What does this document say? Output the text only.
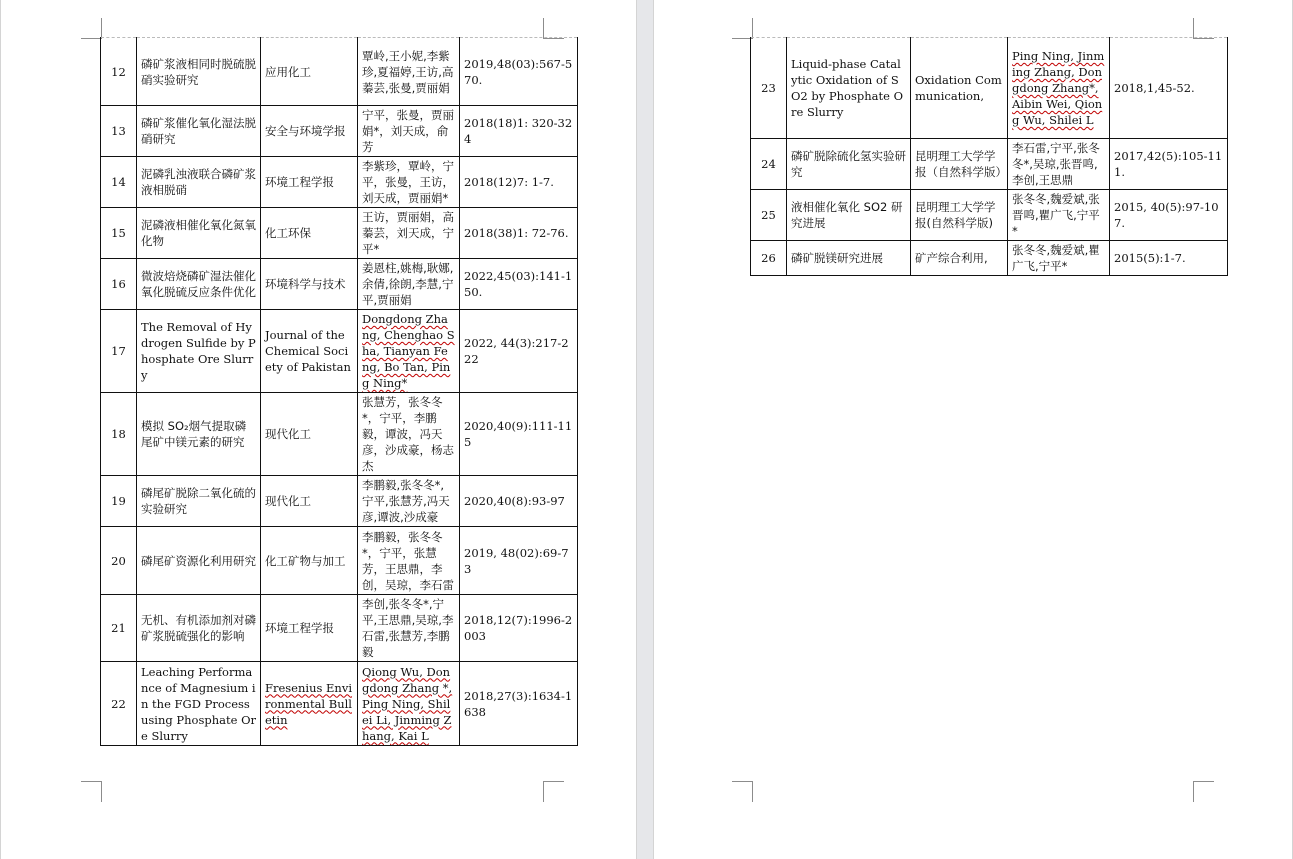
12	磷矿浆液相同时脱硫脱硝实验研究	应用化工	覃岭,王小妮,李紫珍,夏福婷,王访,高蓁芸,张曼,贾丽娟	2019,48(03):567-570.
13	磷矿浆催化氧化湿法脱硝研究	安全与环境学报	宁平，张曼，贾丽娟*，刘天成，俞芳	2018(18)1: 320-324
14	泥磷乳浊液联合磷矿浆液相脱硝	环境工程学报	李紫珍，覃岭，宁平，张曼，王访，刘天成，贾丽娟*	2018(12)7: 1-7.
15	泥磷液相催化氧化氮氧化物	化工环保	王访，贾丽娟，高蓁芸，刘天成，宁平*	2018(38)1: 72-76.
16	微波焙烧磷矿湿法催化氧化脱硫反应条件优化	环境科学与技术	姜恩柱,姚梅,耿娜,余倩,徐朗,李慧,宁平,贾丽娟	2022,45(03):141-150.
17	The Removal of Hydrogen Sulfide by Phosphate Ore Slurry	Journal of the Chemical Society of Pakistan	Dongdong Zhang, Chenghao Sha, Tianyan Feng, Bo Tan, Ping Ning*	2022, 44(3):217-222
18	模拟 SO₂烟气提取磷尾矿中镁元素的研究	现代化工	张慧芳，张冬冬*，宁平，李鹏毅，谭波，冯天彦，沙成豪，杨志杰	2020,40(9):111-115
19	磷尾矿脱除二氧化硫的实验研究	现代化工	李鹏毅,张冬冬*,宁平,张慧芳,冯天彦,谭波,沙成豪	2020,40(8):93-97
20	磷尾矿资源化利用研究	化工矿物与加工	李鹏毅，张冬冬*，宁平，张慧芳，王思鼎，李创，吴琼，李石雷	2019, 48(02):69-73
21	无机、有机添加剂对磷矿浆脱硫强化的影响	环境工程学报	李创,张冬冬*,宁平,王思鼎,吴琼,李石雷,张慧芳,李鹏毅	2018,12(7):1996-2003
22	Leaching Performance of Magnesium in the FGD Process using Phosphate Ore Slurry	Fresenius Environmental Bulletin	Qiong Wu, Dongdong Zhang *, Ping Ning, Shilei Li, Jinming Zhang, Kai L	2018,27(3):1634-1638
23	Liquid-phase Catalytic Oxidation of SO2 by Phosphate Ore Slurry	Oxidation Communication,	Ping Ning, Jinming Zhang, Dongdong Zhang*, Aibin Wei, Qiong Wu, Shilei L	2018,1,45-52.
24	磷矿脱除硫化氢实验研究	昆明理工大学学报（自然科学版）	李石雷,宁平,张冬冬*,吴琼,张晋鸣,李创,王思鼎	2017,42(5):105-111.
25	液相催化氧化 SO2 研究进展	昆明理工大学学报(自然科学版)	张冬冬,魏爱斌,张晋鸣,瞿广飞,宁平*	2015, 40(5):97-107.
26	磷矿脱镁研究进展	矿产综合利用,	张冬冬,魏爱斌,瞿广飞,宁平*	2015(5):1-7.
